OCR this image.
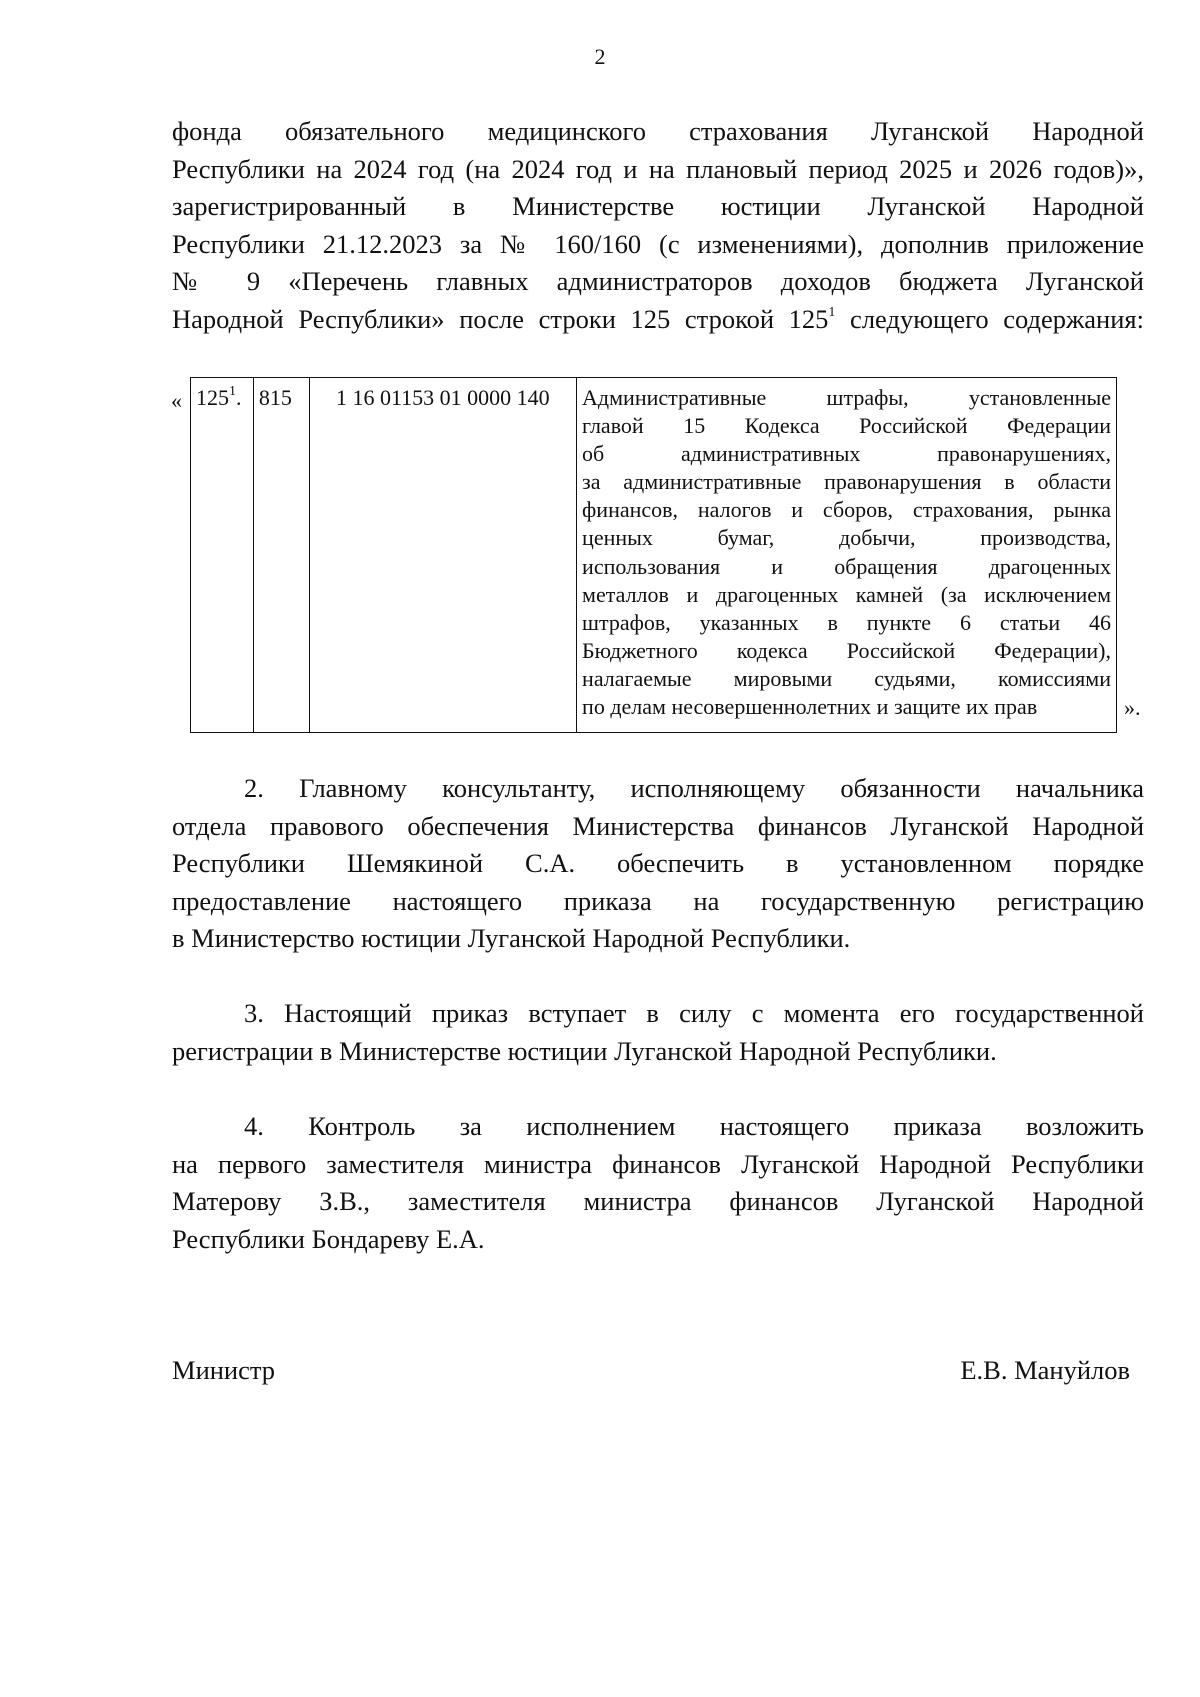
2
фонда обязательного медицинского страхования Луганской Народной
Республики на 2024 год (на 2024 год и на плановый период 2025 и 2026 годов)»,
зарегистрированный в Министерстве юстиции Луганской Народной
Республики 21.12.2023 за № 160/160 (с изменениями), дополнив приложение
№ 9 «Перечень главных администраторов доходов бюджета Луганской
Народной Республики» после строки 125 строкой $125^1$ следующего содержания:
« $125^1$.	815	1 16 01153 01 0000 140	Административные штрафы, установленные
главой 15 Кодекса Российской Федерации
об административных правонарушениях,
за административные правонарушения в области
финансов, налогов и сборов, страхования, рынка
ценных бумаг, добычи, производства,
использования и обращения драгоценных
металлов и драгоценных камней (за исключением
штрафов, указанных в пункте 6 статьи 46
Бюджетного кодекса Российской Федерации),
налагаемые мировыми судьями, комиссиями
по делам несовершеннолетних и защите их прав	».
2. Главному консультанту, исполняющему обязанности начальника
отдела правового обеспечения Министерства финансов Луганской Народной
Республики Шемякиной С.А. обеспечить в установленном порядке
предоставление настоящего приказа на государственную регистрацию
в Министерство юстиции Луганской Народной Республики.
3. Настоящий приказ вступает в силу с момента его государственной
регистрации в Министерстве юстиции Луганской Народной Республики.
4. Контроль за исполнением настоящего приказа возложить
на первого заместителя министра финансов Луганской Народной Республики
Матерову З.В., заместителя министра финансов Луганской Народной
Республики Бондареву Е.А.
Министр	Е.В. Мануйлов
